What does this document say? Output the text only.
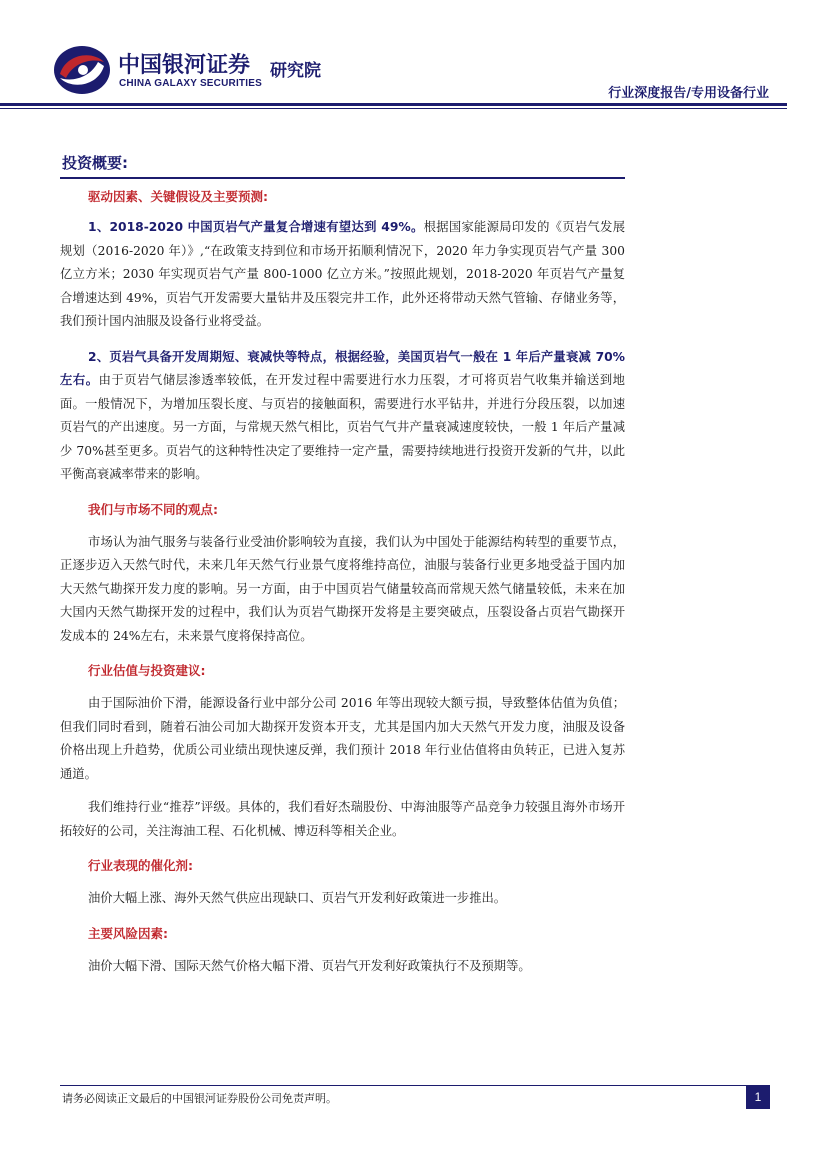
中国银河证券
CHINA GALAXY SECURITIES
研究院
行业深度报告/专用设备行业
投资概要:

驱动因素、关键假设及主要预测:

1、2018-2020 中国页岩气产量复合增速有望达到 49%。根据国家能源局印发的《页岩气发展规划（2016-2020 年）》,“在政策支持到位和市场开拓顺利情况下，2020 年力争实现页岩气产量 300 亿立方米；2030 年实现页岩气产量 800-1000 亿立方米。”按照此规划，2018-2020 年页岩气产量复合增速达到 49%，页岩气开发需要大量钻井及压裂完井工作，此外还将带动天然气管输、存储业务等，我们预计国内油服及设备行业将受益。

2、页岩气具备开发周期短、衰减快等特点，根据经验，美国页岩气一般在 1 年后产量衰减 70%左右。由于页岩气储层渗透率较低，在开发过程中需要进行水力压裂，才可将页岩气收集并输送到地面。一般情况下，为增加压裂长度、与页岩的接触面积，需要进行水平钻井，并进行分段压裂，以加速页岩气的产出速度。另一方面，与常规天然气相比，页岩气气井产量衰减速度较快，一般 1 年后产量减少 70%甚至更多。页岩气的这种特性决定了要维持一定产量，需要持续地进行投资开发新的气井，以此平衡高衰减率带来的影响。

我们与市场不同的观点:

市场认为油气服务与装备行业受油价影响较为直接，我们认为中国处于能源结构转型的重要节点，正逐步迈入天然气时代，未来几年天然气行业景气度将维持高位，油服与装备行业更多地受益于国内加大天然气勘探开发力度的影响。另一方面，由于中国页岩气储量较高而常规天然气储量较低，未来在加大国内天然气勘探开发的过程中，我们认为页岩气勘探开发将是主要突破点，压裂设备占页岩气勘探开发成本的 24%左右，未来景气度将保持高位。

行业估值与投资建议:

由于国际油价下滑，能源设备行业中部分公司 2016 年等出现较大额亏损，导致整体估值为负值；但我们同时看到，随着石油公司加大勘探开发资本开支，尤其是国内加大天然气开发力度，油服及设备价格出现上升趋势，优质公司业绩出现快速反弹，我们预计 2018 年行业估值将由负转正，已进入复苏通道。

我们维持行业“推荐”评级。具体的，我们看好杰瑞股份、中海油服等产品竞争力较强且海外市场开拓较好的公司，关注海油工程、石化机械、博迈科等相关企业。

行业表现的催化剂:

油价大幅上涨、海外天然气供应出现缺口、页岩气开发利好政策进一步推出。

主要风险因素:

油价大幅下滑、国际天然气价格大幅下滑、页岩气开发利好政策执行不及预期等。

请务必阅读正文最后的中国银河证券股份公司免责声明。	1
